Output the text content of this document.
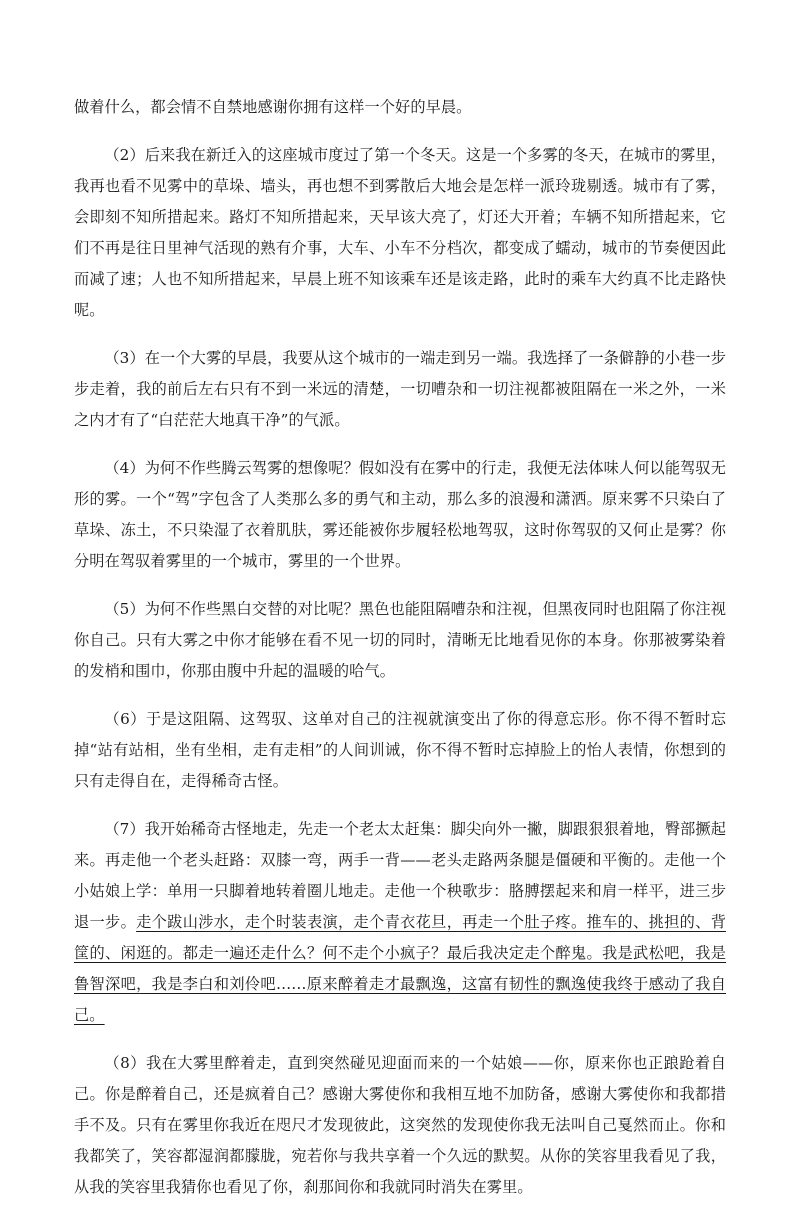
做着什么，都会情不自禁地感谢你拥有这样一个好的早晨。

（2）后来我在新迁入的这座城市度过了第一个冬天。这是一个多雾的冬天，在城市的雾里，我再也看不见雾中的草垛、墙头，再也想不到雾散后大地会是怎样一派玲珑剔透。城市有了雾，会即刻不知所措起来。路灯不知所措起来，天早该大亮了，灯还大开着；车辆不知所措起来，它们不再是往日里神气活现的熟有介事，大车、小车不分档次，都变成了蠕动，城市的节奏便因此而减了速；人也不知所措起来，早晨上班不知该乘车还是该走路，此时的乘车大约真不比走路快呢。

（3）在一个大雾的早晨，我要从这个城市的一端走到另一端。我选择了一条僻静的小巷一步步走着，我的前后左右只有不到一米远的清楚，一切嘈杂和一切注视都被阻隔在一米之外，一米之内才有了“白茫茫大地真干净”的气派。

（4）为何不作些腾云驾雾的想像呢？假如没有在雾中的行走，我便无法体味人何以能驾驭无形的雾。一个“驾”字包含了人类那么多的勇气和主动，那么多的浪漫和潇洒。原来雾不只染白了草垛、冻土，不只染湿了衣着肌肤，雾还能被你步履轻松地驾驭，这时你驾驭的又何止是雾？你分明在驾驭着雾里的一个城市，雾里的一个世界。

（5）为何不作些黑白交替的对比呢？黑色也能阻隔嘈杂和注视，但黑夜同时也阻隔了你注视你自己。只有大雾之中你才能够在看不见一切的同时，清晰无比地看见你的本身。你那被雾染着的发梢和围巾，你那由腹中升起的温暖的哈气。

（6）于是这阻隔、这驾驭、这单对自己的注视就演变出了你的得意忘形。你不得不暂时忘掉“站有站相，坐有坐相，走有走相”的人间训诫，你不得不暂时忘掉脸上的怡人表情，你想到的只有走得自在，走得稀奇古怪。

（7）我开始稀奇古怪地走，先走一个老太太赶集：脚尖向外一撇，脚跟狠狠着地，臀部撅起来。再走他一个老头赶路：双膝一弯，两手一背——老头走路两条腿是僵硬和平衡的。走他一个小姑娘上学：单用一只脚着地转着圈儿地走。走他一个秧歌步：胳膊摆起来和肩一样平，进三步退一步。走个跋山涉水，走个时装表演，走个青衣花旦，再走一个肚子疼。推车的、挑担的、背筐的、闲逛的。都走一遍还走什么？何不走个小疯子？最后我决定走个醉鬼。我是武松吧，我是鲁智深吧，我是李白和刘伶吧……原来醉着走才最飘逸，这富有韧性的飘逸使我终于感动了我自己。

（8）我在大雾里醉着走，直到突然碰见迎面而来的一个姑娘——你，原来你也正踉跄着自己。你是醉着自己，还是疯着自己？感谢大雾使你和我相互地不加防备，感谢大雾使你和我都措手不及。只有在雾里你我近在咫尺才发现彼此，这突然的发现使你我无法叫自己戛然而止。你和我都笑了，笑容都湿润都朦胧，宛若你与我共享着一个久远的默契。从你的笑容里我看见了我，从我的笑容里我猜你也看见了你，刹那间你和我就同时消失在雾里。
